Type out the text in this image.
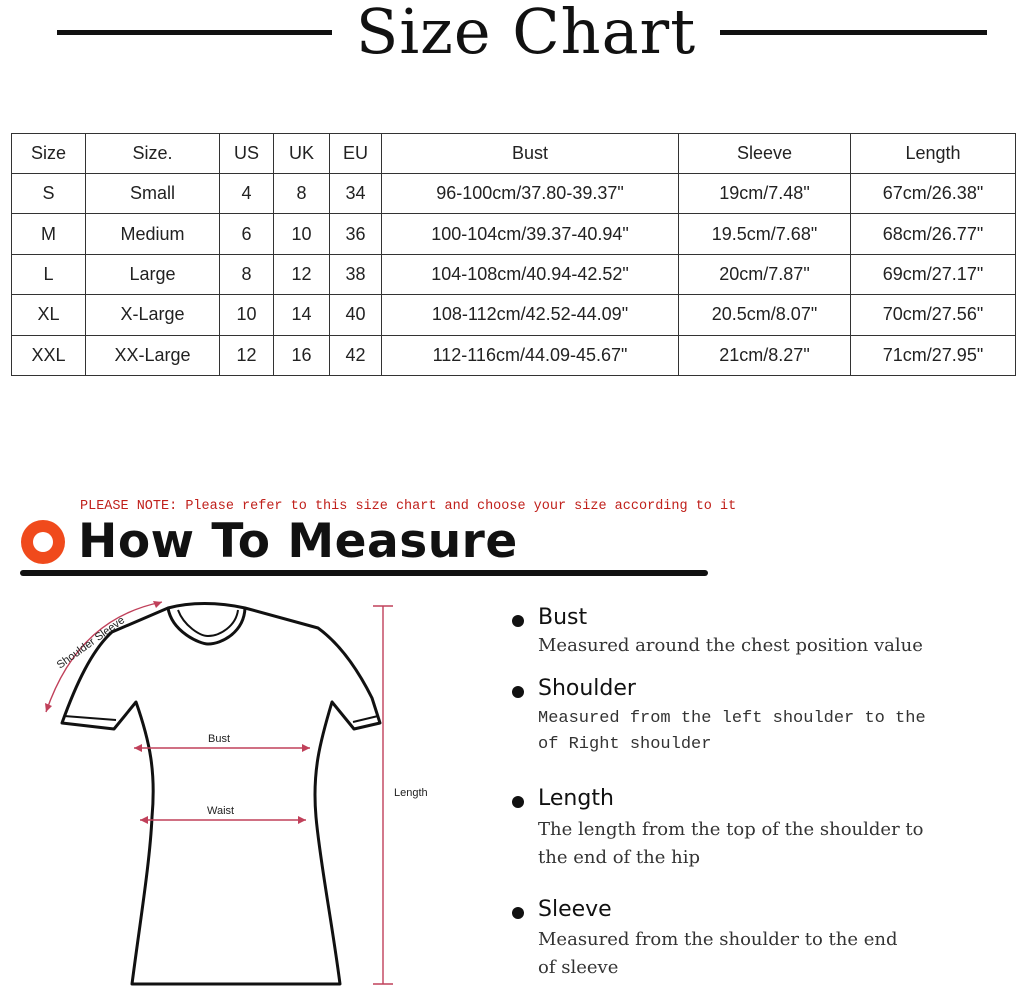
Size Chart
Size	Size.	US	UK	EU	Bust	Sleeve	Length
S	Small	4	8	34	96-100cm/37.80-39.37"	19cm/7.48"	67cm/26.38"
M	Medium	6	10	36	100-104cm/39.37-40.94"	19.5cm/7.68"	68cm/26.77"
L	Large	8	12	38	104-108cm/40.94-42.52"	20cm/7.87"	69cm/27.17"
XL	X-Large	10	14	40	108-112cm/42.52-44.09"	20.5cm/8.07"	70cm/27.56"
XXL	XX-Large	12	16	42	112-116cm/44.09-45.67"	21cm/8.27"	71cm/27.95"
PLEASE NOTE: Please refer to this size chart and choose your size according to it
How To Measure
Bust
Waist
Length
Shoulder Sleeve	Bust
Measured around the chest position value
Shoulder
Measured from the left shoulder to the
of Right shoulder
Length
The length from the top of the shoulder to
the end of the hip
Sleeve
Measured from the shoulder to the end
of sleeve
